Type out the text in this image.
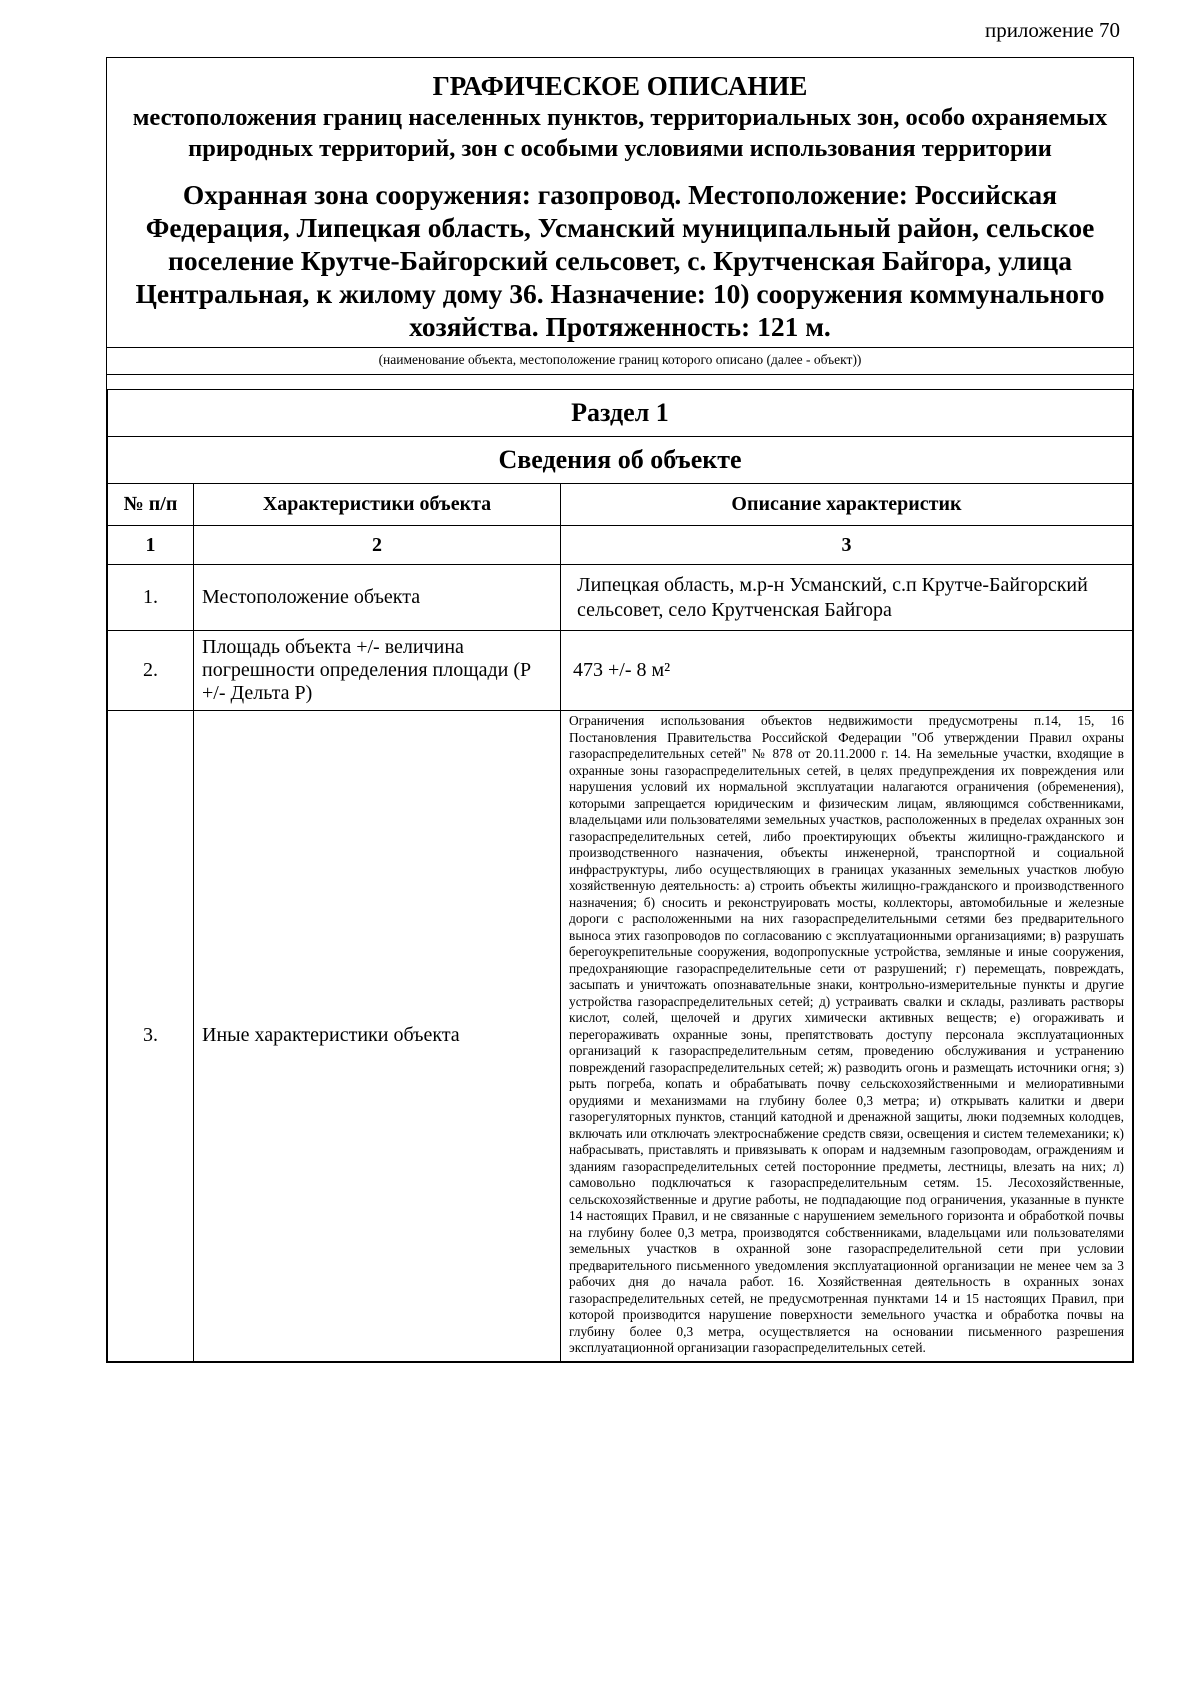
приложение 70
ГРАФИЧЕСКОЕ ОПИСАНИЕ
местоположения границ населенных пунктов, территориальных зон, особо охраняемых природных территорий, зон с особыми условиями использования территории
Охранная зона сооружения: газопровод. Местоположение: Российская Федерация, Липецкая область, Усманский муниципальный район, сельское поселение Крутче-Байгорский сельсовет, с. Крутченская Байгора, улица Центральная, к жилому дому 36. Назначение: 10) сооружения коммунального хозяйства. Протяженность: 121 м.
(наименование объекта, местоположение границ которого описано (далее - объект))
Раздел 1		
Сведения об объекте		
№ п/п	Характеристики объекта	Описание характеристик
1	2	3
1.	Местоположение объекта	Липецкая область, м.р-н Усманский, с.п Крутче-Байгорский сельсовет, село Крутченская Байгора

2.	Площадь объекта +/- величина погрешности определения площади (Р +/- Дельта Р)	473 +/- 8 м²
3.	Иные характеристики объекта	Ограничения использования объектов недвижимости предусмотрены п.14, 15, 16 Постановления Правительства Российской Федерации "Об утверждении Правил охраны газораспределительных сетей" № 878 от 20.11.2000 г. 14. На земельные участки, входящие в охранные зоны газораспределительных сетей, в целях предупреждения их повреждения или нарушения условий их нормальной эксплуатации налагаются ограничения (обременения), которыми запрещается юридическим и физическим лицам, являющимся собственниками, владельцами или пользователями земельных участков, расположенных в пределах охранных зон газораспределительных сетей, либо проектирующих объекты жилищно-гражданского и производственного назначения, объекты инженерной, транспортной и социальной инфраструктуры, либо осуществляющих в границах указанных земельных участков любую хозяйственную деятельность: а) строить объекты жилищно-гражданского и производственного назначения; б) сносить и реконструировать мосты, коллекторы, автомобильные и железные дороги с расположенными на них газораспределительными сетями без предварительного выноса этих газопроводов по согласованию с эксплуатационными организациями; в) разрушать берегоукрепительные сооружения, водопропускные устройства, земляные и иные сооружения, предохраняющие газораспределительные сети от разрушений; г) перемещать, повреждать, засыпать и уничтожать опознавательные знаки, контрольно-измерительные пункты и другие устройства газораспределительных сетей; д) устраивать свалки и склады, разливать растворы кислот, солей, щелочей и других химически активных веществ; е) огораживать и перегораживать охранные зоны, препятствовать доступу персонала эксплуатационных организаций к газораспределительным сетям, проведению обслуживания и устранению повреждений газораспределительных сетей; ж) разводить огонь и размещать источники огня; з) рыть погреба, копать и обрабатывать почву сельскохозяйственными и мелиоративными орудиями и механизмами на глубину более 0,3 метра; и) открывать калитки и двери газорегуляторных пунктов, станций катодной и дренажной защиты, люки подземных колодцев, включать или отключать электроснабжение средств связи, освещения и систем телемеханики; к) набрасывать, приставлять и привязывать к опорам и надземным газопроводам, ограждениям и зданиям газораспределительных сетей посторонние предметы, лестницы, влезать на них; л) самовольно подключаться к газораспределительным сетям. 15. Лесохозяйственные, сельскохозяйственные и другие работы, не подпадающие под ограничения, указанные в пункте 14 настоящих Правил, и не связанные с нарушением земельного горизонта и обработкой почвы на глубину более 0,3 метра, производятся собственниками, владельцами или пользователями земельных участков в охранной зоне газораспределительной сети при условии предварительного письменного уведомления эксплуатационной организации не менее чем за 3 рабочих дня до начала работ. 16. Хозяйственная деятельность в охранных зонах газораспределительных сетей, не предусмотренная пунктами 14 и 15 настоящих Правил, при которой производится нарушение поверхности земельного участка и обработка почвы на глубину более 0,3 метра, осуществляется на основании письменного разрешения эксплуатационной организации газораспределительных сетей.
